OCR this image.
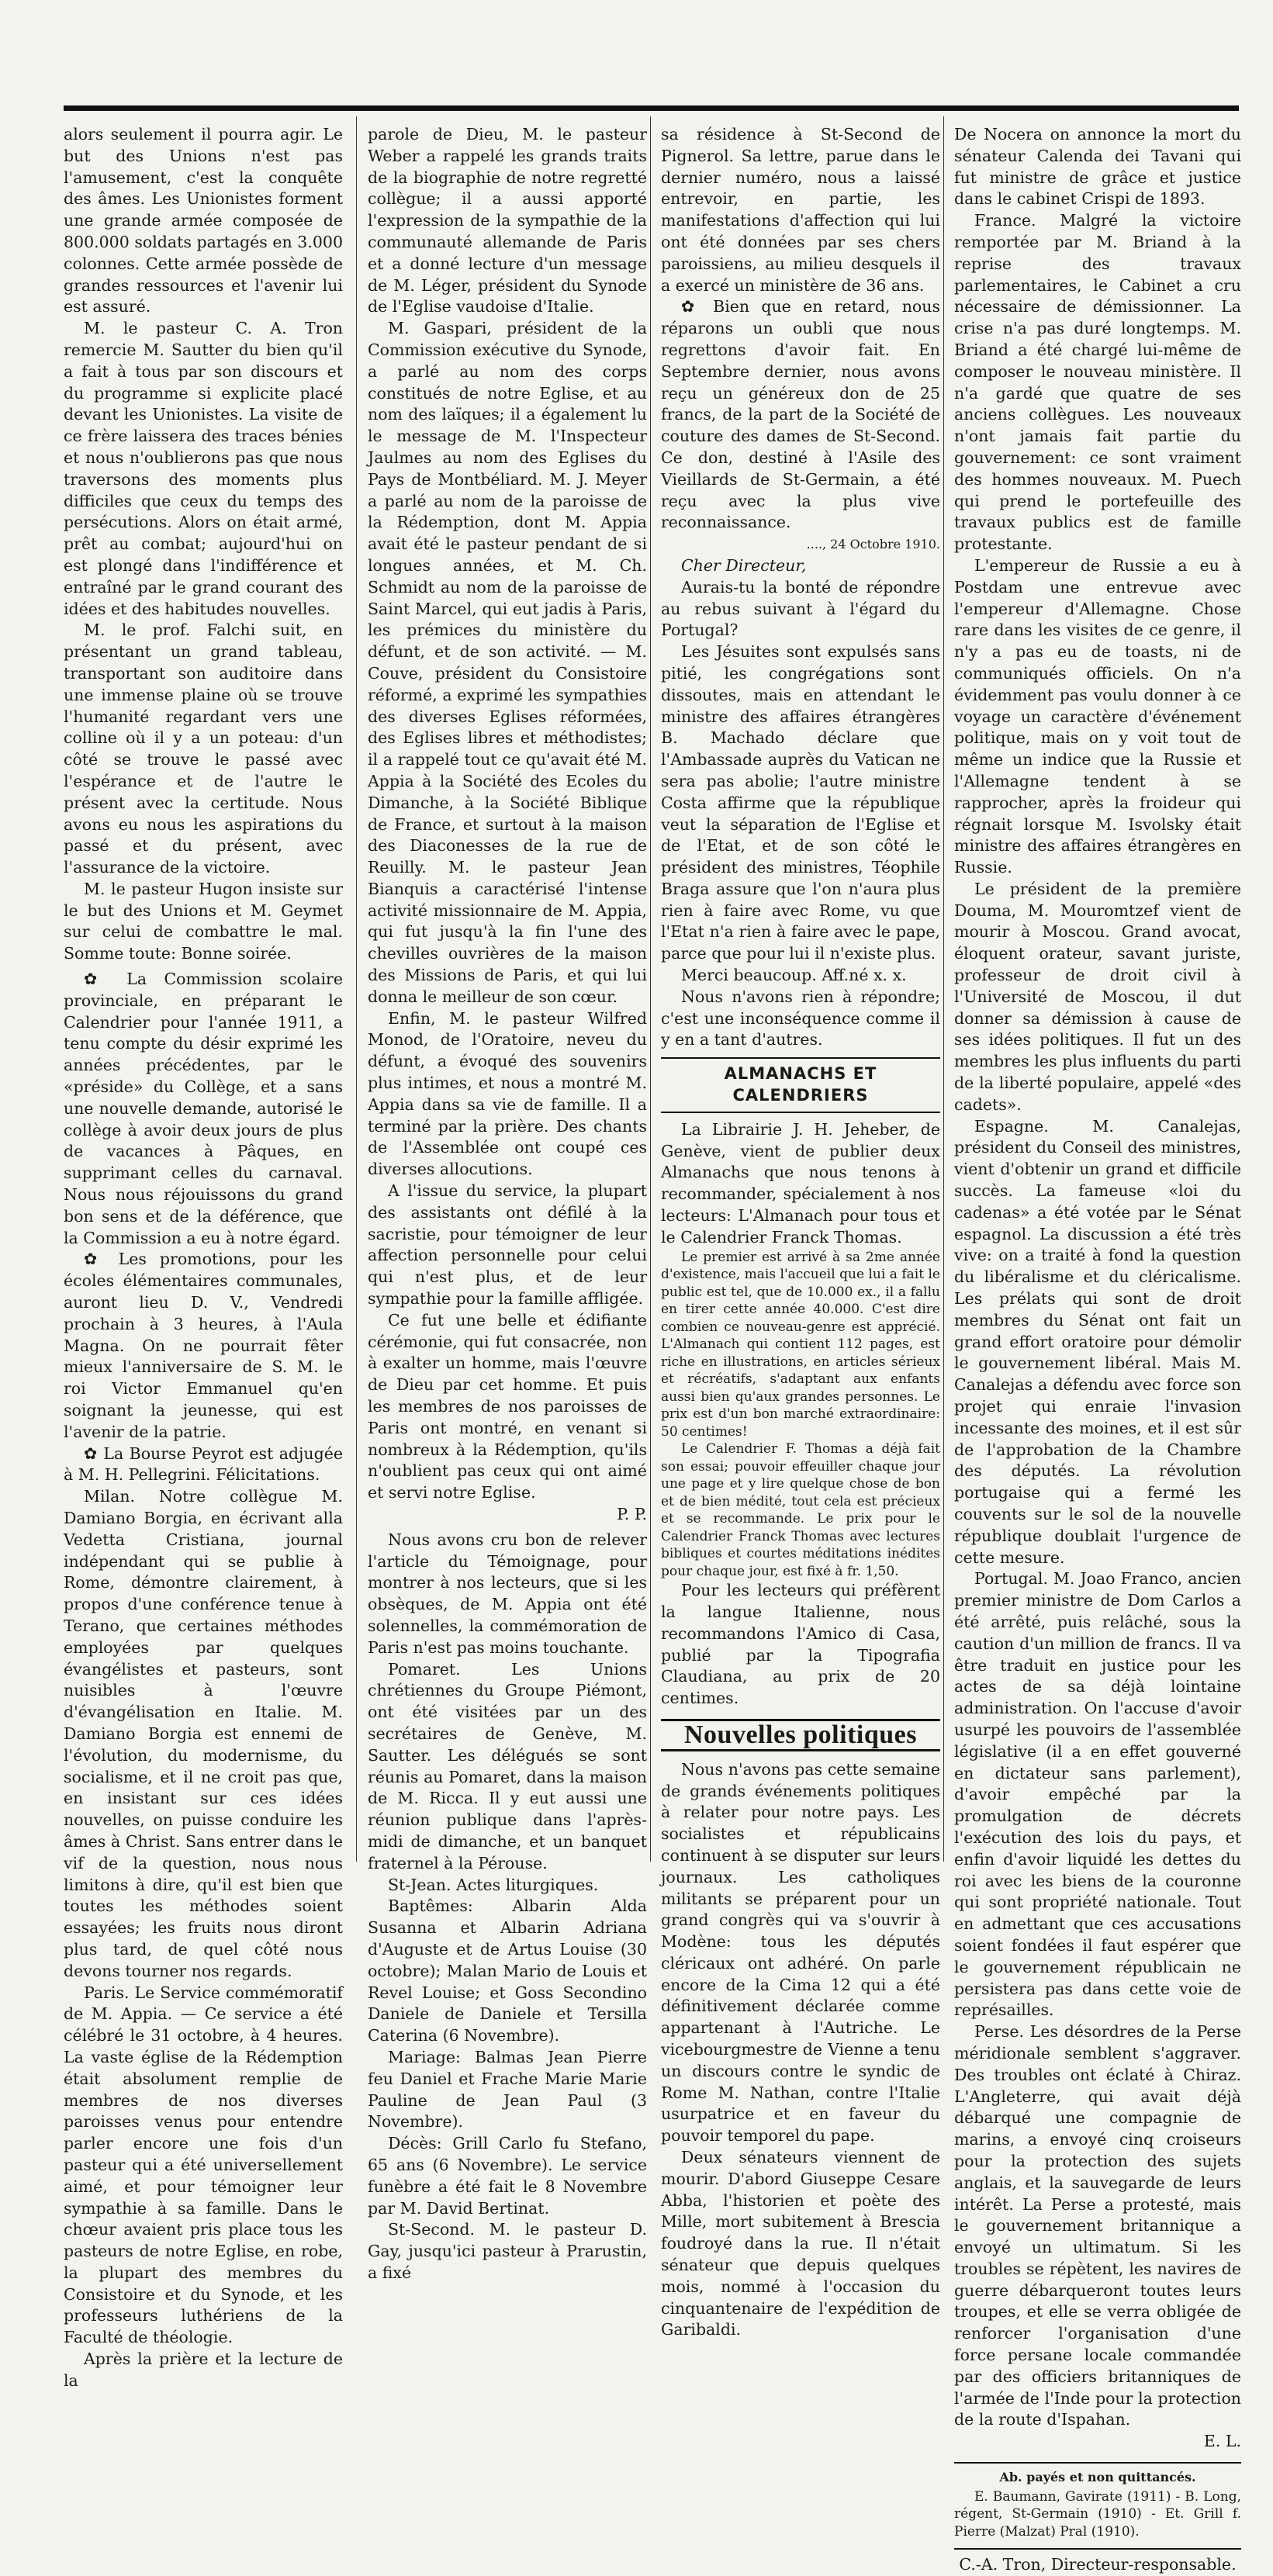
alors seulement il pourra agir. Le but des Unions n'est pas l'amusement, c'est la conquête des âmes. Les Unionistes forment une grande armée composée de 800.000 soldats partagés en 3.000 colonnes. Cette armée possède de grandes ressources et l'avenir lui est assuré.

M. le pasteur C. A. Tron remercie M. Sautter du bien qu'il a fait à tous par son discours et du programme si explicite placé devant les Unionistes. La visite de ce frère laissera des traces bénies et nous n'oublierons pas que nous traversons des moments plus difficiles que ceux du temps des persécutions. Alors on était armé, prêt au combat; aujourd'hui on est plongé dans l'indifférence et entraîné par le grand courant des idées et des habitudes nouvelles.

M. le prof. Falchi suit, en présentant un grand tableau, transportant son auditoire dans une immense plaine où se trouve l'humanité regardant vers une colline où il y a un poteau: d'un côté se trouve le passé avec l'espérance et de l'autre le présent avec la certitude. Nous avons eu nous les aspirations du passé et du présent, avec l'assurance de la victoire.

M. le pasteur Hugon insiste sur le but des Unions et M. Geymet sur celui de combattre le mal. Somme toute: Bonne soirée.

✿ La Commission scolaire provinciale, en préparant le Calendrier pour l'année 1911, a tenu compte du désir exprimé les années précédentes, par le «préside» du Collège, et a sans une nouvelle demande, autorisé le collège à avoir deux jours de plus de vacances à Pâques, en supprimant celles du carnaval. Nous nous réjouissons du grand bon sens et de la déférence, que la Commission a eu à notre égard.

✿ Les promotions, pour les écoles élémentaires communales, auront lieu D. V., Vendredi prochain à 3 heures, à l'Aula Magna. On ne pourrait fêter mieux l'anniversaire de S. M. le roi Victor Emmanuel qu'en soignant la jeunesse, qui est l'avenir de la patrie.

✿ La Bourse Peyrot est adjugée à M. H. Pellegrini. Félicitations.

Milan. Notre collègue M. Damiano Borgia, en écrivant alla Vedetta Cristiana, journal indépendant qui se publie à Rome, démontre clairement, à propos d'une conférence tenue à Terano, que certaines méthodes employées par quelques évangélistes et pasteurs, sont nuisibles à l'œuvre d'évangélisation en Italie. M. Damiano Borgia est ennemi de l'évolution, du modernisme, du socialisme, et il ne croit pas que, en insistant sur ces idées nouvelles, on puisse conduire les âmes à Christ. Sans entrer dans le vif de la question, nous nous limitons à dire, qu'il est bien que toutes les méthodes soient essayées; les fruits nous diront plus tard, de quel côté nous devons tourner nos regards.

Paris. Le Service commémoratif de M. Appia. — Ce service a été célébré le 31 octobre, à 4 heures. La vaste église de la Rédemption était absolument remplie de membres de nos diverses paroisses venus pour entendre parler encore une fois d'un pasteur qui a été universellement aimé, et pour témoigner leur sympathie à sa famille. Dans le chœur avaient pris place tous les pasteurs de notre Eglise, en robe, la plupart des membres du Consistoire et du Synode, et les professeurs luthériens de la Faculté de théologie.

Après la prière et la lecture de la

parole de Dieu, M. le pasteur Weber a rappelé les grands traits de la biographie de notre regretté collègue; il a aussi apporté l'expression de la sympathie de la communauté allemande de Paris et a donné lecture d'un message de M. Léger, président du Synode de l'Eglise vaudoise d'Italie.

M. Gaspari, président de la Commission exécutive du Synode, a parlé au nom des corps constitués de notre Eglise, et au nom des laïques; il a également lu le message de M. l'Inspecteur Jaulmes au nom des Eglises du Pays de Montbéliard. M. J. Meyer a parlé au nom de la paroisse de la Rédemption, dont M. Appia avait été le pasteur pendant de si longues années, et M. Ch. Schmidt au nom de la paroisse de Saint Marcel, qui eut jadis à Paris, les prémices du ministère du défunt, et de son activité. — M. Couve, président du Consistoire réformé, a exprimé les sympathies des diverses Eglises réformées, des Eglises libres et méthodistes; il a rappelé tout ce qu'avait été M. Appia à la Société des Ecoles du Dimanche, à la Société Biblique de France, et surtout à la maison des Diaconesses de la rue de Reuilly. M. le pasteur Jean Bianquis a caractérisé l'intense activité missionnaire de M. Appia, qui fut jusqu'à la fin l'une des chevilles ouvrières de la maison des Missions de Paris, et qui lui donna le meilleur de son cœur.

Enfin, M. le pasteur Wilfred Monod, de l'Oratoire, neveu du défunt, a évoqué des souvenirs plus intimes, et nous a montré M. Appia dans sa vie de famille. Il a terminé par la prière. Des chants de l'Assemblée ont coupé ces diverses allocutions.

A l'issue du service, la plupart des assistants ont défilé à la sacristie, pour témoigner de leur affection personnelle pour celui qui n'est plus, et de leur sympathie pour la famille affligée.

Ce fut une belle et édifiante cérémonie, qui fut consacrée, non à exalter un homme, mais l'œuvre de Dieu par cet homme. Et puis les membres de nos paroisses de Paris ont montré, en venant si nombreux à la Rédemption, qu'ils n'oublient pas ceux qui ont aimé et servi notre Eglise.

P. P.

Nous avons cru bon de relever l'article du Témoignage, pour montrer à nos lecteurs, que si les obsèques, de M. Appia ont été solennelles, la commémoration de Paris n'est pas moins touchante.

Pomaret. Les Unions chrétiennes du Groupe Piémont, ont été visitées par un des secrétaires de Genève, M. Sautter. Les délégués se sont réunis au Pomaret, dans la maison de M. Ricca. Il y eut aussi une réunion publique dans l'après-midi de dimanche, et un banquet fraternel à la Pérouse.

St-Jean. Actes liturgiques.

Baptêmes: Albarin Alda Susanna et Albarin Adriana d'Auguste et de Artus Louise (30 octobre); Malan Mario de Louis et Revel Louise; et Goss Secondino Daniele de Daniele et Tersilla Caterina (6 Novembre).

Mariage: Balmas Jean Pierre feu Daniel et Frache Marie Marie Pauline de Jean Paul (3 Novembre).

Décès: Grill Carlo fu Stefano, 65 ans (6 Novembre). Le service funèbre a été fait le 8 Novembre par M. David Bertinat.

St-Second. M. le pasteur D. Gay, jusqu'ici pasteur à Prarustin, a fixé

sa résidence à St-Second de Pignerol. Sa lettre, parue dans le dernier numéro, nous a laissé entrevoir, en partie, les manifestations d'affection qui lui ont été données par ses chers paroissiens, au milieu desquels il a exercé un ministère de 36 ans.

✿ Bien que en retard, nous réparons un oubli que nous regrettons d'avoir fait. En Septembre dernier, nous avons reçu un généreux don de 25 francs, de la part de la Société de couture des dames de St-Second. Ce don, destiné à l'Asile des Vieillards de St-Germain, a été reçu avec la plus vive reconnaissance.

...., 24 Octobre 1910.

Cher Directeur,

Aurais-tu la bonté de répondre au rebus suivant à l'égard du Portugal?

Les Jésuites sont expulsés sans pitié, les congrégations sont dissoutes, mais en attendant le ministre des affaires étrangères B. Machado déclare que l'Ambassade auprès du Vatican ne sera pas abolie; l'autre ministre Costa affirme que la république veut la séparation de l'Eglise et de l'Etat, et de son côté le président des ministres, Téophile Braga assure que l'on n'aura plus rien à faire avec Rome, vu que l'Etat n'a rien à faire avec le pape, parce que pour lui il n'existe plus.

Merci beaucoup. Aff.né x. x.

Nous n'avons rien à répondre; c'est une inconséquence comme il y en a tant d'autres.

ALMANACHS ET CALENDRIERS

La Librairie J. H. Jeheber, de Genève, vient de publier deux Almanachs que nous tenons à recommander, spécialement à nos lecteurs: L'Almanach pour tous et le Calendrier Franck Thomas.

Le premier est arrivé à sa 2me année d'existence, mais l'accueil que lui a fait le public est tel, que de 10.000 ex., il a fallu en tirer cette année 40.000. C'est dire combien ce nouveau-genre est apprécié. L'Almanach qui contient 112 pages, est riche en illustrations, en articles sérieux et récréatifs, s'adaptant aux enfants aussi bien qu'aux grandes personnes. Le prix est d'un bon marché extraordinaire: 50 centimes!

Le Calendrier F. Thomas a déjà fait son essai; pouvoir effeuiller chaque jour une page et y lire quelque chose de bon et de bien médité, tout cela est précieux et se recommande. Le prix pour le Calendrier Franck Thomas avec lectures bibliques et courtes méditations inédites pour chaque jour, est fixé à fr. 1,50.

Pour les lecteurs qui préfèrent la langue Italienne, nous recommandons l'Amico di Casa, publié par la Tipografia Claudiana, au prix de 20 centimes.

Nouvelles politiques

Nous n'avons pas cette semaine de grands événements politiques à relater pour notre pays. Les socialistes et républicains continuent à se disputer sur leurs journaux. Les catholiques militants se préparent pour un grand congrès qui va s'ouvrir à Modène: tous les députés cléricaux ont adhéré. On parle encore de la Cima 12 qui a été définitivement déclarée comme appartenant à l'Autriche. Le vicebourgmestre de Vienne a tenu un discours contre le syndic de Rome M. Nathan, contre l'Italie usurpatrice et en faveur du pouvoir temporel du pape.

Deux sénateurs viennent de mourir. D'abord Giuseppe Cesare Abba, l'historien et poète des Mille, mort subitement à Brescia foudroyé dans la rue. Il n'était sénateur que depuis quelques mois, nommé à l'occasion du cinquantenaire de l'expédition de Garibaldi.

De Nocera on annonce la mort du sénateur Calenda dei Tavani qui fut ministre de grâce et justice dans le cabinet Crispi de 1893.

France. Malgré la victoire remportée par M. Briand à la reprise des travaux parlementaires, le Cabinet a cru nécessaire de démissionner. La crise n'a pas duré longtemps. M. Briand a été chargé lui-même de composer le nouveau ministère. Il n'a gardé que quatre de ses anciens collègues. Les nouveaux n'ont jamais fait partie du gouvernement: ce sont vraiment des hommes nouveaux. M. Puech qui prend le portefeuille des travaux publics est de famille protestante.

L'empereur de Russie a eu à Postdam une entrevue avec l'empereur d'Allemagne. Chose rare dans les visites de ce genre, il n'y a pas eu de toasts, ni de communiqués officiels. On n'a évidemment pas voulu donner à ce voyage un caractère d'événement politique, mais on y voit tout de même un indice que la Russie et l'Allemagne tendent à se rapprocher, après la froideur qui régnait lorsque M. Isvolsky était ministre des affaires étrangères en Russie.

Le président de la première Douma, M. Mouromtzef vient de mourir à Moscou. Grand avocat, éloquent orateur, savant juriste, professeur de droit civil à l'Université de Moscou, il dut donner sa démission à cause de ses idées politiques. Il fut un des membres les plus influents du parti de la liberté populaire, appelé «des cadets».

Espagne. M. Canalejas, président du Conseil des ministres, vient d'obtenir un grand et difficile succès. La fameuse «loi du cadenas» a été votée par le Sénat espagnol. La discussion a été très vive: on a traité à fond la question du libéralisme et du cléricalisme. Les prélats qui sont de droit membres du Sénat ont fait un grand effort oratoire pour démolir le gouvernement libéral. Mais M. Canalejas a défendu avec force son projet qui enraie l'invasion incessante des moines, et il est sûr de l'approbation de la Chambre des députés. La révolution portugaise qui a fermé les couvents sur le sol de la nouvelle république doublait l'urgence de cette mesure.

Portugal. M. Joao Franco, ancien premier ministre de Dom Carlos a été arrêté, puis relâché, sous la caution d'un million de francs. Il va être traduit en justice pour les actes de sa déjà lointaine administration. On l'accuse d'avoir usurpé les pouvoirs de l'assemblée législative (il a en effet gouverné en dictateur sans parlement), d'avoir empêché par la promulgation de décrets l'exécution des lois du pays, et enfin d'avoir liquidé les dettes du roi avec les biens de la couronne qui sont propriété nationale. Tout en admettant que ces accusations soient fondées il faut espérer que le gouvernement républicain ne persistera pas dans cette voie de représailles.

Perse. Les désordres de la Perse méridionale semblent s'aggraver. Des troubles ont éclaté à Chiraz. L'Angleterre, qui avait déjà débarqué une compagnie de marins, a envoyé cinq croiseurs pour la protection des sujets anglais, et la sauvegarde de leurs intérêt. La Perse a protesté, mais le gouvernement britannique a envoyé un ultimatum. Si les troubles se répètent, les navires de guerre débarqueront toutes leurs troupes, et elle se verra obligée de renforcer l'organisation d'une force persane locale commandée par des officiers britanniques de l'armée de l'Inde pour la protection de la route d'Ispahan.

E. L.

Ab. payés et non quittancés.

E. Baumann, Gavirate (1911) - B. Long, régent, St-Germain (1910) - Et. Grill f. Pierre (Malzat) Pral (1910).

C.-A. Tron, Directeur-responsable.
